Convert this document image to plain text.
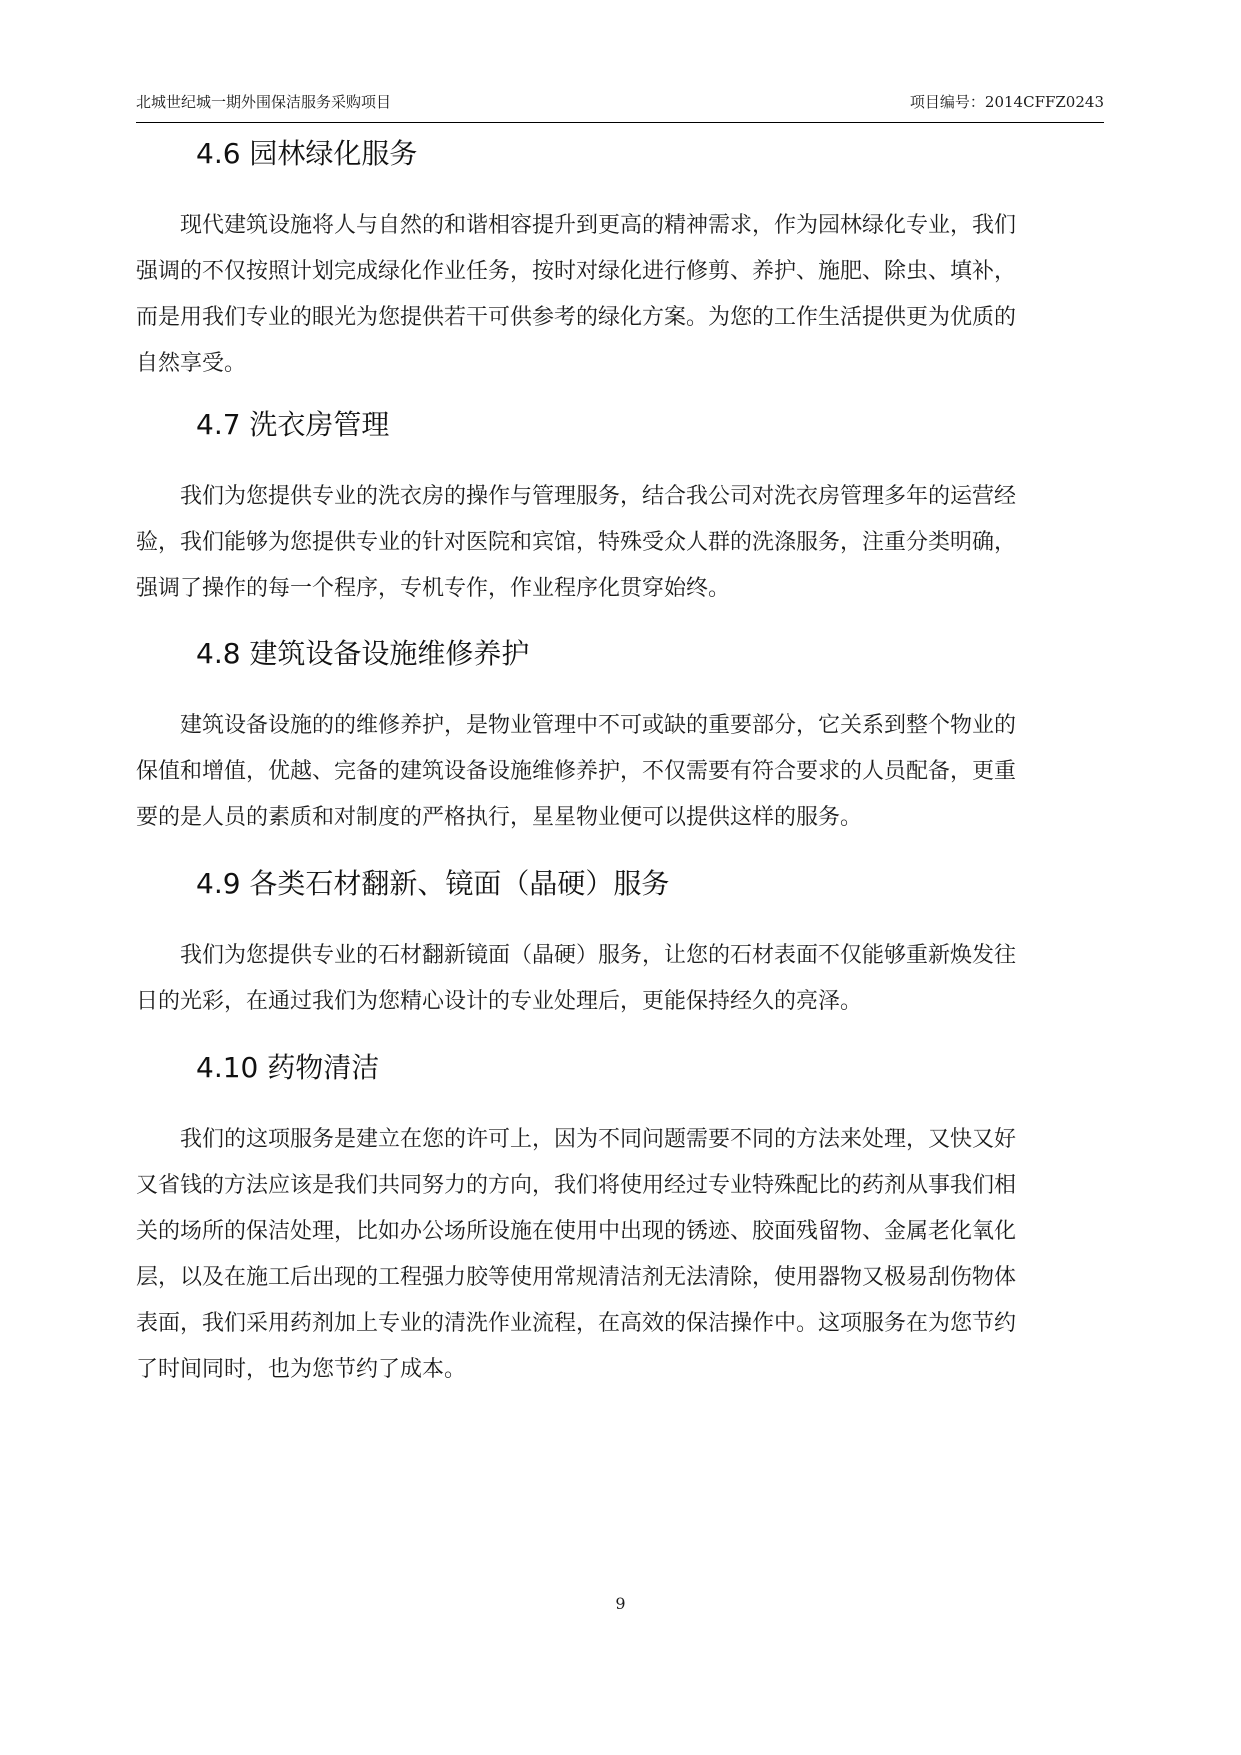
北城世纪城一期外围保洁服务采购项目	项目编号：2014CFFZ0243
4.6 园林绿化服务
　　现代建筑设施将人与自然的和谐相容提升到更高的精神需求，作为园林绿化专业，我们
强调的不仅按照计划完成绿化作业任务，按时对绿化进行修剪、养护、施肥、除虫、填补，
而是用我们专业的眼光为您提供若干可供参考的绿化方案。为您的工作生活提供更为优质的
自然享受。
4.7 洗衣房管理
　　我们为您提供专业的洗衣房的操作与管理服务，结合我公司对洗衣房管理多年的运营经
验，我们能够为您提供专业的针对医院和宾馆，特殊受众人群的洗涤服务，注重分类明确，
强调了操作的每一个程序，专机专作，作业程序化贯穿始终。
4.8 建筑设备设施维修养护
　　建筑设备设施的的维修养护，是物业管理中不可或缺的重要部分，它关系到整个物业的
保值和增值，优越、完备的建筑设备设施维修养护，不仅需要有符合要求的人员配备，更重
要的是人员的素质和对制度的严格执行，星星物业便可以提供这样的服务。
4.9 各类石材翻新、镜面（晶硬）服务
　　我们为您提供专业的石材翻新镜面（晶硬）服务，让您的石材表面不仅能够重新焕发往
日的光彩，在通过我们为您精心设计的专业处理后，更能保持经久的亮泽。
4.10 药物清洁
　　我们的这项服务是建立在您的许可上，因为不同问题需要不同的方法来处理，又快又好
又省钱的方法应该是我们共同努力的方向，我们将使用经过专业特殊配比的药剂从事我们相
关的场所的保洁处理，比如办公场所设施在使用中出现的锈迹、胶面残留物、金属老化氧化
层，以及在施工后出现的工程强力胶等使用常规清洁剂无法清除，使用器物又极易刮伤物体
表面，我们采用药剂加上专业的清洗作业流程，在高效的保洁操作中。这项服务在为您节约
了时间同时，也为您节约了成本。
9
